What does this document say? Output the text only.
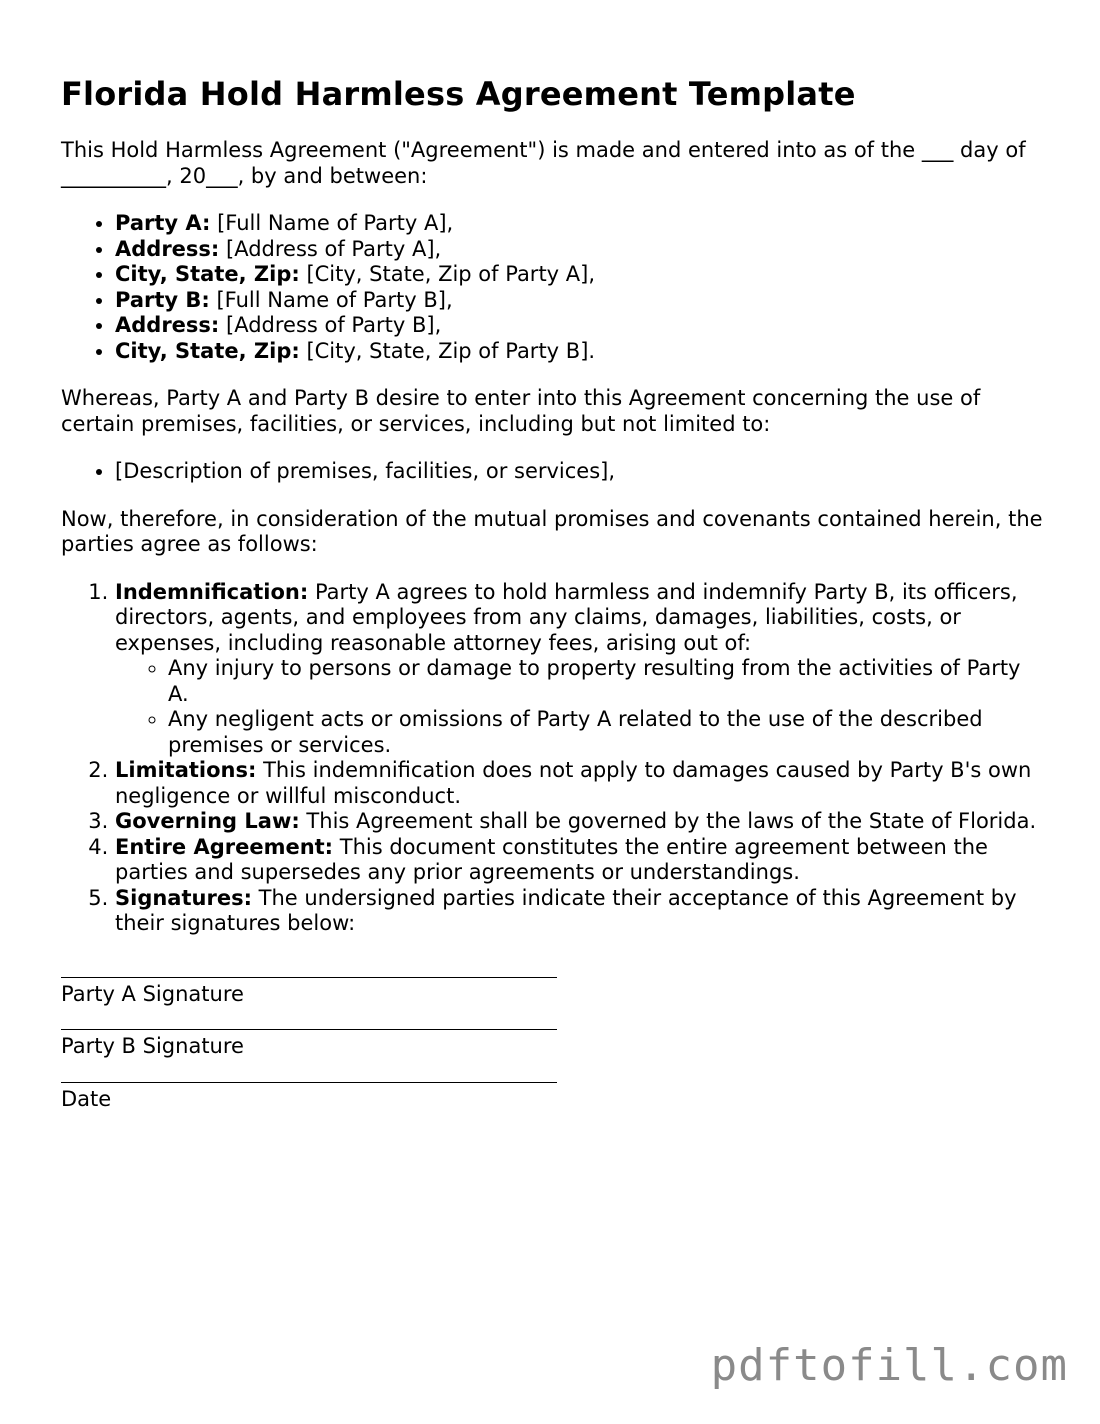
Florida Hold Harmless Agreement Template

This Hold Harmless Agreement ("Agreement") is made and entered into as of the ___ day of __________, 20___, by and between:

• Party A: [Full Name of Party A],
• Address: [Address of Party A],
• City, State, Zip: [City, State, Zip of Party A],
• Party B: [Full Name of Party B],
• Address: [Address of Party B],
• City, State, Zip: [City, State, Zip of Party B].

Whereas, Party A and Party B desire to enter into this Agreement concerning the use of certain premises, facilities, or services, including but not limited to:

• [Description of premises, facilities, or services],

Now, therefore, in consideration of the mutual promises and covenants contained herein, the parties agree as follows:

1. Indemnification: Party A agrees to hold harmless and indemnify Party B, its officers, directors, agents, and employees from any claims, damages, liabilities, costs, or expenses, including reasonable attorney fees, arising out of:
◦ Any injury to persons or damage to property resulting from the activities of Party A.
◦ Any negligent acts or omissions of Party A related to the use of the described premises or services.
2. Limitations: This indemnification does not apply to damages caused by Party B's own negligence or willful misconduct.
3. Governing Law: This Agreement shall be governed by the laws of the State of Florida.
4. Entire Agreement: This document constitutes the entire agreement between the parties and supersedes any prior agreements or understandings.
5. Signatures: The undersigned parties indicate their acceptance of this Agreement by their signatures below:
Party A Signature
Party B Signature
Date
pdftofill.com
